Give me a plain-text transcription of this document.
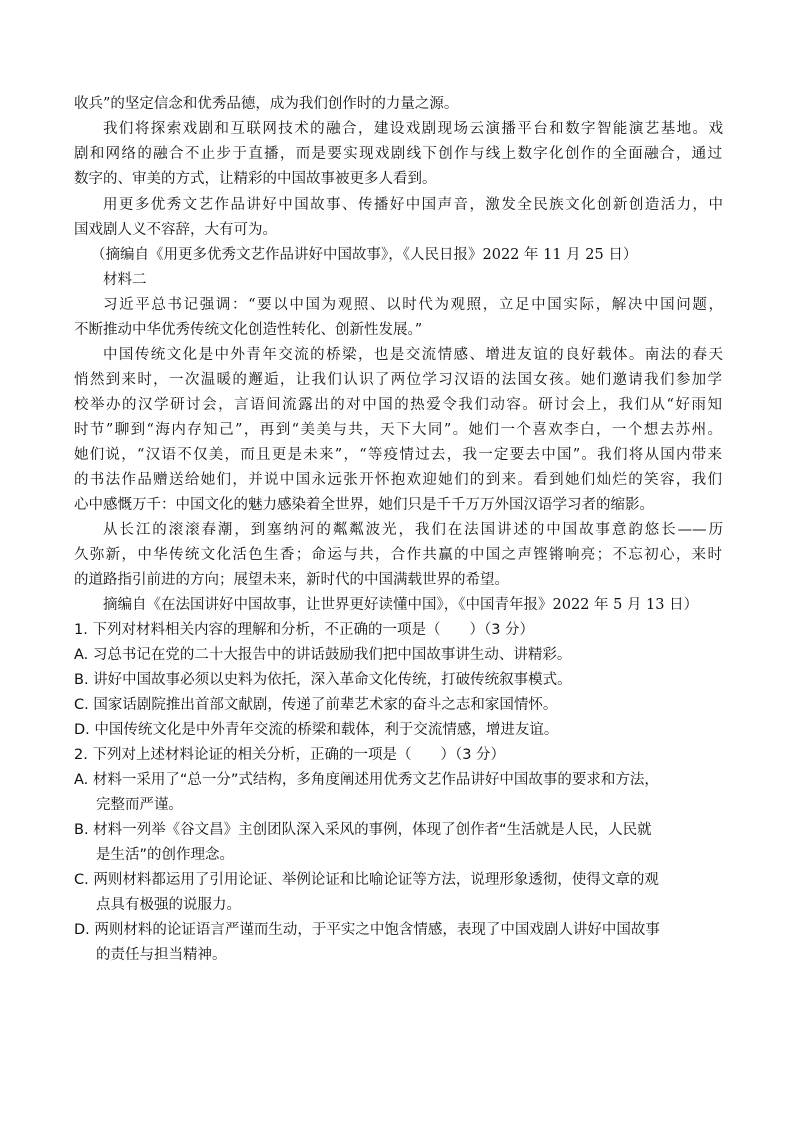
收兵”的坚定信念和优秀品德，成为我们创作时的力量之源。
我们将探索戏剧和互联网技术的融合，建设戏剧现场云演播平台和数字智能演艺基地。戏
剧和网络的融合不止步于直播，而是要实现戏剧线下创作与线上数字化创作的全面融合，通过
数字的、审美的方式，让精彩的中国故事被更多人看到。
用更多优秀文艺作品讲好中国故事、传播好中国声音，激发全民族文化创新创造活力，中
国戏剧人义不容辞，大有可为。
（摘编自《用更多优秀文艺作品讲好中国故事》，《人民日报》2022 年 11 月 25 日）
材料二
习近平总书记强调：“要以中国为观照、以时代为观照，立足中国实际，解决中国问题，
不断推动中华优秀传统文化创造性转化、创新性发展。”
中国传统文化是中外青年交流的桥梁，也是交流情感、增进友谊的良好载体。南法的春天
悄然到来时，一次温暖的邂逅，让我们认识了两位学习汉语的法国女孩。她们邀请我们参加学
校举办的汉学研讨会，言语间流露出的对中国的热爱令我们动容。研讨会上，我们从“好雨知
时节”聊到“海内存知己”，再到“美美与共，天下大同”。她们一个喜欢李白，一个想去苏州。
她们说，“汉语不仅美，而且更是未来”，“等疫情过去，我一定要去中国”。我们将从国内带来
的书法作品赠送给她们，并说中国永远张开怀抱欢迎她们的到来。看到她们灿烂的笑容，我们
心中感慨万千：中国文化的魅力感染着全世界，她们只是千千万万外国汉语学习者的缩影。
从长江的滚滚春潮，到塞纳河的粼粼波光，我们在法国讲述的中国故事意韵悠长——历
久弥新，中华传统文化活色生香；命运与共，合作共赢的中国之声铿锵响亮；不忘初心，来时
的道路指引前进的方向；展望未来，新时代的中国满载世界的希望。
摘编自《在法国讲好中国故事，让世界更好读懂中国》，《中国青年报》2022 年 5 月 13 日）
1. 下列对材料相关内容的理解和分析，不正确的一项是（　　）（3 分）
A. 习总书记在党的二十大报告中的讲话鼓励我们把中国故事讲生动、讲精彩。
B. 讲好中国故事必须以史料为依托，深入革命文化传统，打破传统叙事模式。
C. 国家话剧院推出首部文献剧，传递了前辈艺术家的奋斗之志和家国情怀。
D. 中国传统文化是中外青年交流的桥梁和载体，利于交流情感，增进友谊。
2. 下列对上述材料论证的相关分析，正确的一项是（　　）（3 分）
A. 材料一采用了“总一分”式结构，多角度阐述用优秀文艺作品讲好中国故事的要求和方法，
完整而严谨。
B. 材料一列举《谷文昌》主创团队深入采风的事例，体现了创作者“生活就是人民，人民就
是生活”的创作理念。
C. 两则材料都运用了引用论证、举例论证和比喻论证等方法，说理形象透彻，使得文章的观
点具有极强的说服力。
D. 两则材料的论证语言严谨而生动，于平实之中饱含情感，表现了中国戏剧人讲好中国故事
的责任与担当精神。
